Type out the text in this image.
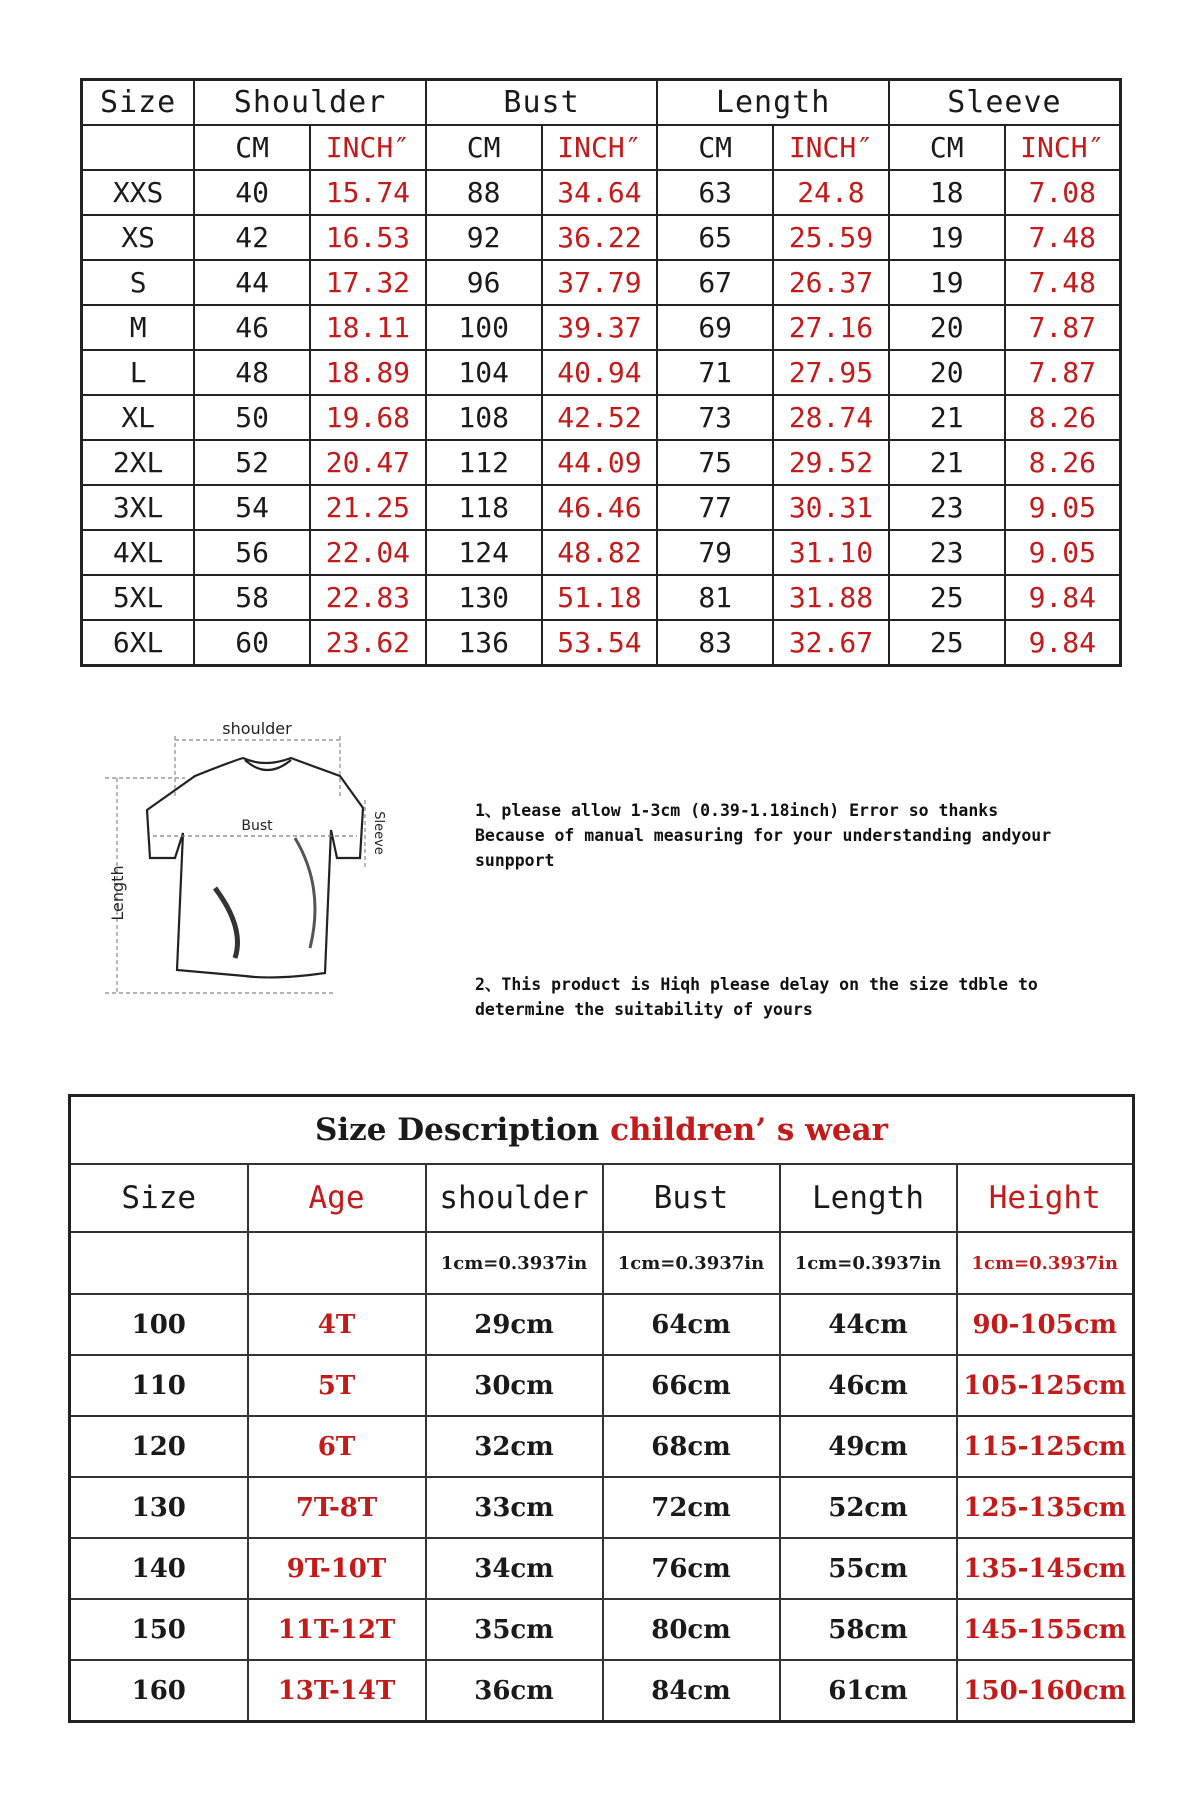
Size	Shoulder		Bust		Length		Sleeve	
	CM	INCH″	CM	INCH″	CM	INCH″	CM	INCH″
XXS	40	15.74	88	34.64	63	24.8	18	7.08
XS	42	16.53	92	36.22	65	25.59	19	7.48
S	44	17.32	96	37.79	67	26.37	19	7.48
M	46	18.11	100	39.37	69	27.16	20	7.87
L	48	18.89	104	40.94	71	27.95	20	7.87
XL	50	19.68	108	42.52	73	28.74	21	8.26
2XL	52	20.47	112	44.09	75	29.52	21	8.26
3XL	54	21.25	118	46.46	77	30.31	23	9.05
4XL	56	22.04	124	48.82	79	31.10	23	9.05
5XL	58	22.83	130	51.18	81	31.88	25	9.84
6XL	60	23.62	136	53.54	83	32.67	25	9.84
shoulder
Bust
Length
Sleeve

1、please allow 1-3cm (0.39-1.18inch) Error so thanks

Because of manual measuring for your understanding andyour

sunpport

2、This product is Hiqh please delay on the size tdble to

determine the suitability of yours

Size Description children’ s wear					
Size	Age	shoulder	Bust	Length	Height
		1cm=0.3937in	1cm=0.3937in	1cm=0.3937in	1cm=0.3937in
100	4T	29cm	64cm	44cm	90-105cm
110	5T	30cm	66cm	46cm	105-125cm
120	6T	32cm	68cm	49cm	115-125cm
130	7T-8T	33cm	72cm	52cm	125-135cm
140	9T-10T	34cm	76cm	55cm	135-145cm
150	11T-12T	35cm	80cm	58cm	145-155cm
160	13T-14T	36cm	84cm	61cm	150-160cm
